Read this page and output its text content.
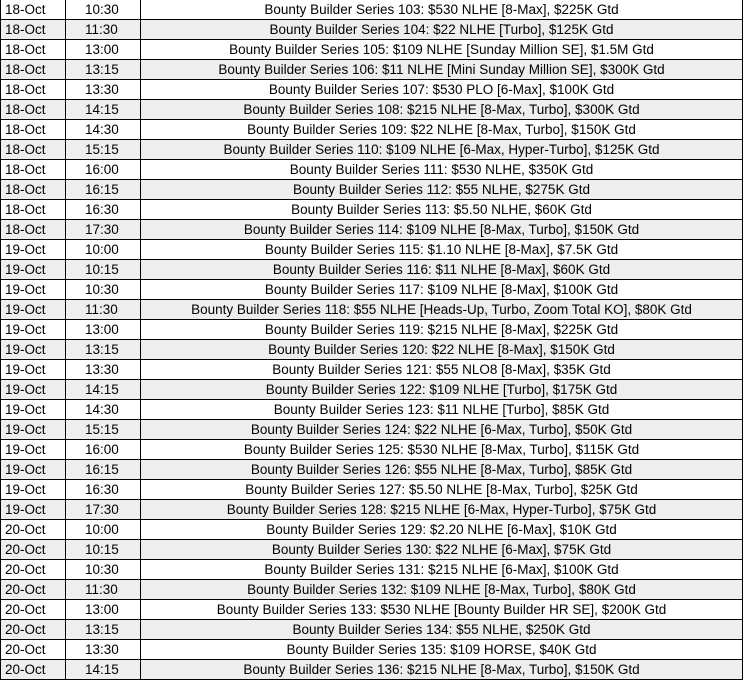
18-Oct	10:30	Bounty Builder Series 103: $530 NLHE [8-Max], $225K Gtd
18-Oct	11:30	Bounty Builder Series 104: $22 NLHE [Turbo], $125K Gtd
18-Oct	13:00	Bounty Builder Series 105: $109 NLHE [Sunday Million SE], $1.5M Gtd
18-Oct	13:15	Bounty Builder Series 106: $11 NLHE [Mini Sunday Million SE], $300K Gtd
18-Oct	13:30	Bounty Builder Series 107: $530 PLO [6-Max], $100K Gtd
18-Oct	14:15	Bounty Builder Series 108: $215 NLHE [8-Max, Turbo], $300K Gtd
18-Oct	14:30	Bounty Builder Series 109: $22 NLHE [8-Max, Turbo], $150K Gtd
18-Oct	15:15	Bounty Builder Series 110: $109 NLHE [6-Max, Hyper-Turbo], $125K Gtd
18-Oct	16:00	Bounty Builder Series 111: $530 NLHE, $350K Gtd
18-Oct	16:15	Bounty Builder Series 112: $55 NLHE, $275K Gtd
18-Oct	16:30	Bounty Builder Series 113: $5.50 NLHE, $60K Gtd
18-Oct	17:30	Bounty Builder Series 114: $109 NLHE [8-Max, Turbo], $150K Gtd
19-Oct	10:00	Bounty Builder Series 115: $1.10 NLHE [8-Max], $7.5K Gtd
19-Oct	10:15	Bounty Builder Series 116: $11 NLHE [8-Max], $60K Gtd
19-Oct	10:30	Bounty Builder Series 117: $109 NLHE [8-Max], $100K Gtd
19-Oct	11:30	Bounty Builder Series 118: $55 NLHE [Heads-Up, Turbo, Zoom Total KO], $80K Gtd
19-Oct	13:00	Bounty Builder Series 119: $215 NLHE [8-Max], $225K Gtd
19-Oct	13:15	Bounty Builder Series 120: $22 NLHE [8-Max], $150K Gtd
19-Oct	13:30	Bounty Builder Series 121: $55 NLO8 [8-Max], $35K Gtd
19-Oct	14:15	Bounty Builder Series 122: $109 NLHE [Turbo], $175K Gtd
19-Oct	14:30	Bounty Builder Series 123: $11 NLHE [Turbo], $85K Gtd
19-Oct	15:15	Bounty Builder Series 124: $22 NLHE [6-Max, Turbo], $50K Gtd
19-Oct	16:00	Bounty Builder Series 125: $530 NLHE [8-Max, Turbo], $115K Gtd
19-Oct	16:15	Bounty Builder Series 126: $55 NLHE [8-Max, Turbo], $85K Gtd
19-Oct	16:30	Bounty Builder Series 127: $5.50 NLHE [8-Max, Turbo], $25K Gtd
19-Oct	17:30	Bounty Builder Series 128: $215 NLHE [6-Max, Hyper-Turbo], $75K Gtd
20-Oct	10:00	Bounty Builder Series 129: $2.20 NLHE [6-Max], $10K Gtd
20-Oct	10:15	Bounty Builder Series 130: $22 NLHE [6-Max], $75K Gtd
20-Oct	10:30	Bounty Builder Series 131: $215 NLHE [6-Max], $100K Gtd
20-Oct	11:30	Bounty Builder Series 132: $109 NLHE [8-Max, Turbo], $80K Gtd
20-Oct	13:00	Bounty Builder Series 133: $530 NLHE [Bounty Builder HR SE], $200K Gtd
20-Oct	13:15	Bounty Builder Series 134: $55 NLHE, $250K Gtd
20-Oct	13:30	Bounty Builder Series 135: $109 HORSE, $40K Gtd
20-Oct	14:15	Bounty Builder Series 136: $215 NLHE [8-Max, Turbo], $150K Gtd
